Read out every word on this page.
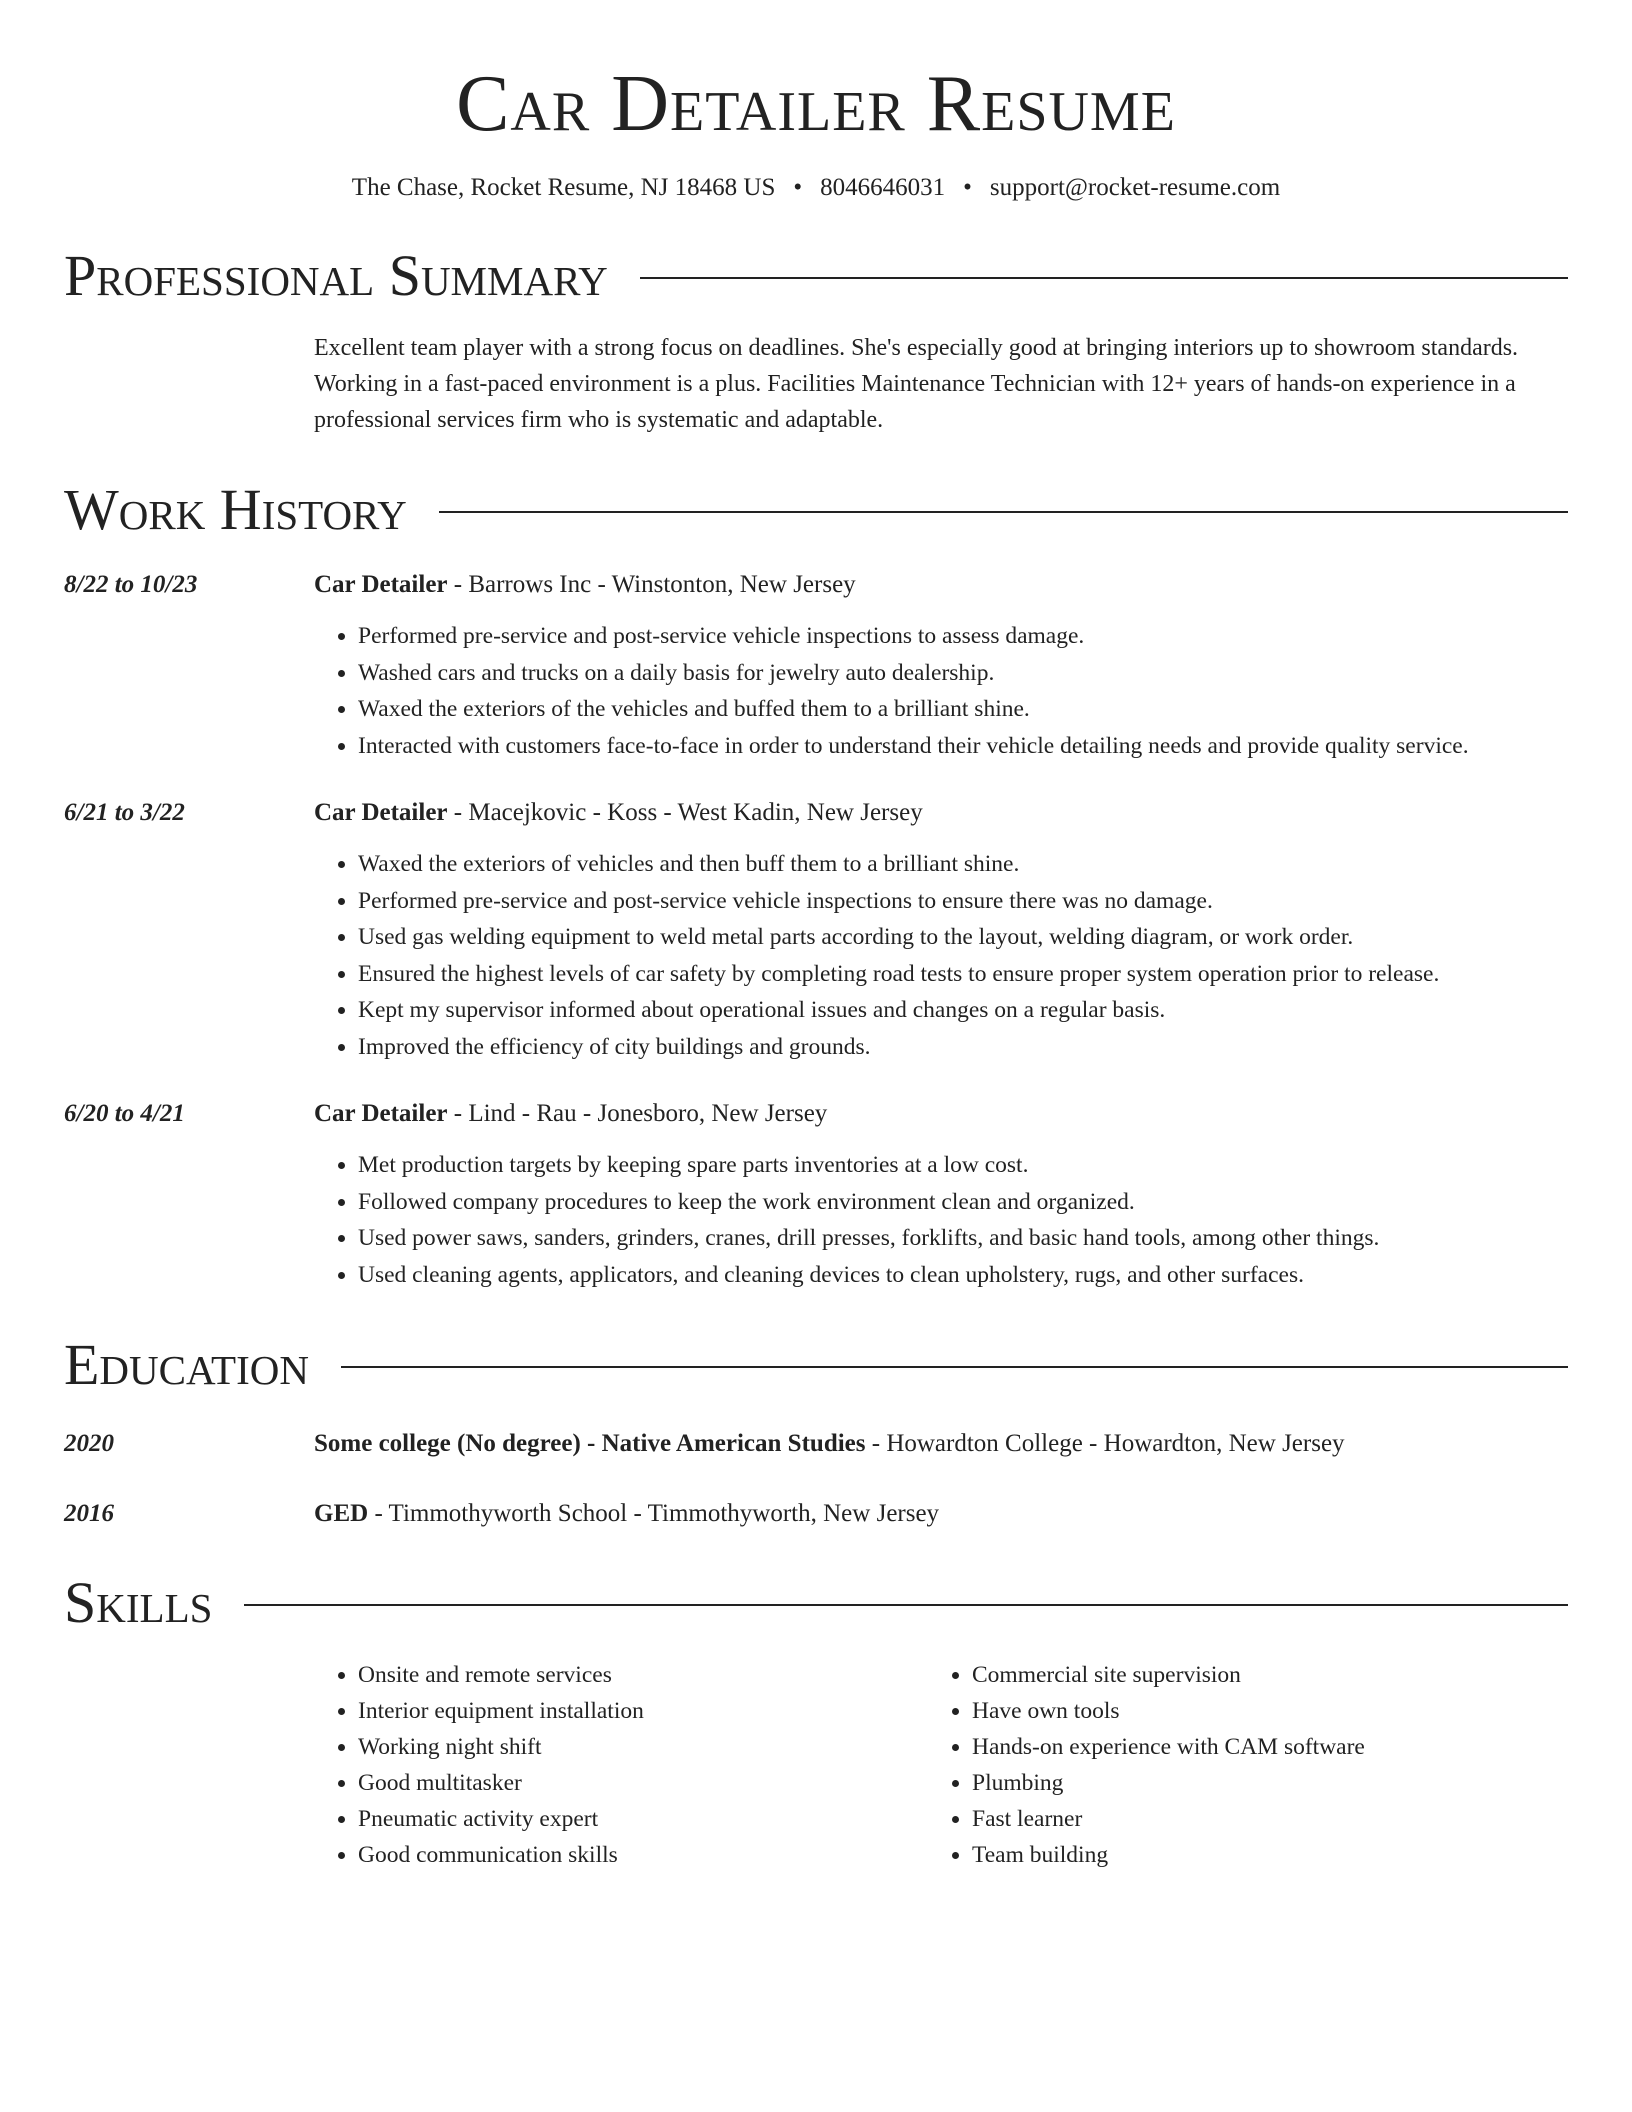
Car Detailer Resume
The Chase, Rocket Resume, NJ 18468 US • 8046646031 • support@rocket-resume.com
Professional Summary
Excellent team player with a strong focus on deadlines. She's especially good at bringing interiors up to showroom standards. Working in a fast-paced environment is a plus. Facilities Maintenance Technician with 12+ years of hands-on experience in a professional services firm who is systematic and adaptable.
Work History
8/22 to 10/23	Car Detailer - Barrows Inc - Winstonton, New Jersey
• Performed pre-service and post-service vehicle inspections to assess damage.
• Washed cars and trucks on a daily basis for jewelry auto dealership.
• Waxed the exteriors of the vehicles and buffed them to a brilliant shine.
• Interacted with customers face-to-face in order to understand their vehicle detailing needs and provide quality service.
6/21 to 3/22	Car Detailer - Macejkovic - Koss - West Kadin, New Jersey
• Waxed the exteriors of vehicles and then buff them to a brilliant shine.
• Performed pre-service and post-service vehicle inspections to ensure there was no damage.
• Used gas welding equipment to weld metal parts according to the layout, welding diagram, or work order.
• Ensured the highest levels of car safety by completing road tests to ensure proper system operation prior to release.
• Kept my supervisor informed about operational issues and changes on a regular basis.
• Improved the efficiency of city buildings and grounds.
6/20 to 4/21	Car Detailer - Lind - Rau - Jonesboro, New Jersey
• Met production targets by keeping spare parts inventories at a low cost.
• Followed company procedures to keep the work environment clean and organized.
• Used power saws, sanders, grinders, cranes, drill presses, forklifts, and basic hand tools, among other things.
• Used cleaning agents, applicators, and cleaning devices to clean upholstery, rugs, and other surfaces.
Education
2020	Some college (No degree) - Native American Studies - Howardton College - Howardton, New Jersey
2016	GED - Timmothyworth School - Timmothyworth, New Jersey
Skills
• Onsite and remote services
• Interior equipment installation
• Working night shift
• Good multitasker
• Pneumatic activity expert
• Good communication skills
• Commercial site supervision
• Have own tools
• Hands-on experience with CAM software
• Plumbing
• Fast learner
• Team building
